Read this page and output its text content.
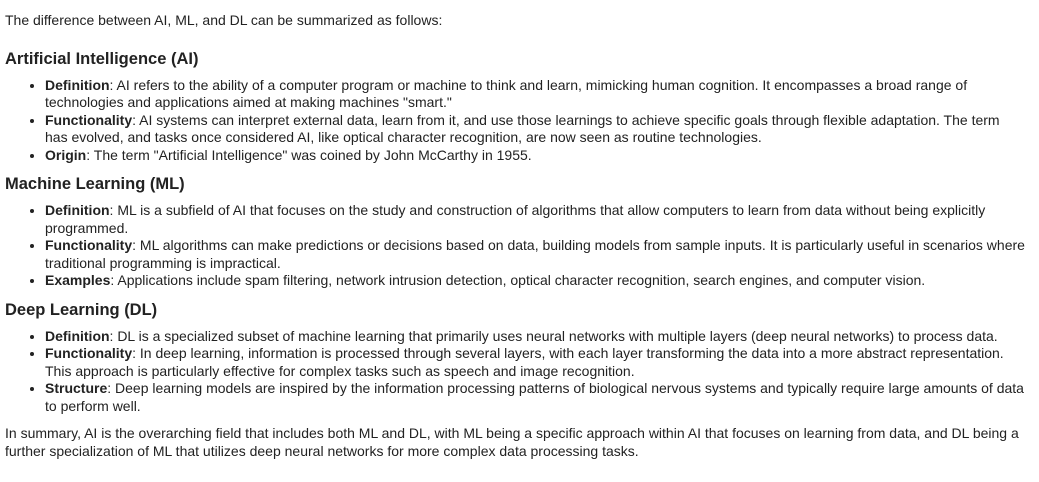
The difference between AI, ML, and DL can be summarized as follows:

Artificial Intelligence (AI)
• Definition: AI refers to the ability of a computer program or machine to think and learn, mimicking human cognition. It encompasses a broad range of technologies and applications aimed at making machines "smart."
• Functionality: AI systems can interpret external data, learn from it, and use those learnings to achieve specific goals through flexible adaptation. The term has evolved, and tasks once considered AI, like optical character recognition, are now seen as routine technologies.
• Origin: The term "Artificial Intelligence" was coined by John McCarthy in 1955.
Machine Learning (ML)
• Definition: ML is a subfield of AI that focuses on the study and construction of algorithms that allow computers to learn from data without being explicitly programmed.
• Functionality: ML algorithms can make predictions or decisions based on data, building models from sample inputs. It is particularly useful in scenarios where traditional programming is impractical.
• Examples: Applications include spam filtering, network intrusion detection, optical character recognition, search engines, and computer vision.
Deep Learning (DL)
• Definition: DL is a specialized subset of machine learning that primarily uses neural networks with multiple layers (deep neural networks) to process data.
• Functionality: In deep learning, information is processed through several layers, with each layer transforming the data into a more abstract representation. This approach is particularly effective for complex tasks such as speech and image recognition.
• Structure: Deep learning models are inspired by the information processing patterns of biological nervous systems and typically require large amounts of data to perform well.

In summary, AI is the overarching field that includes both ML and DL, with ML being a specific approach within AI that focuses on learning from data, and DL being a further specialization of ML that utilizes deep neural networks for more complex data processing tasks.
